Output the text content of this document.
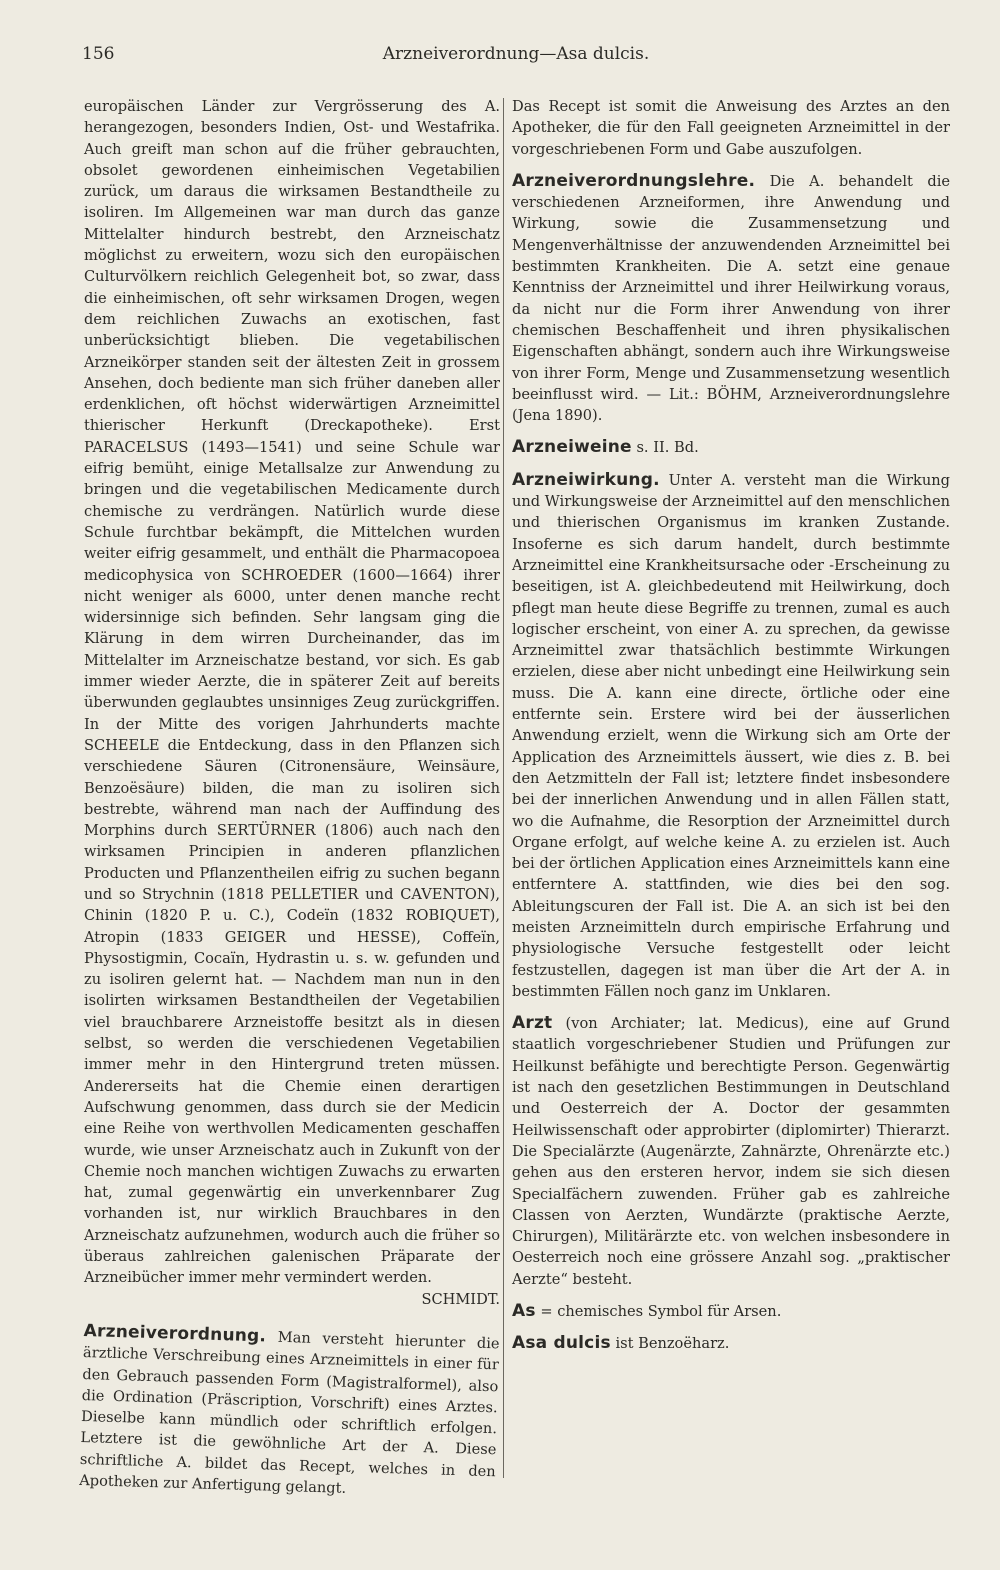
156	Arzneiverordnung—Asa dulcis.

europäischen Länder zur Vergrösserung des A. herangezogen, besonders Indien, Ost- und Westafrika. Auch greift man schon auf die früher gebrauchten, obsolet gewordenen einheimischen Vegetabilien zurück, um daraus die wirksamen Bestandtheile zu isoliren. Im Allgemeinen war man durch das ganze Mittelalter hindurch bestrebt, den Arzneischatz möglichst zu erweitern, wozu sich den europäischen Culturvölkern reichlich Gelegenheit bot, so zwar, dass die einheimischen, oft sehr wirksamen Drogen, wegen dem reichlichen Zuwachs an exotischen, fast unberücksichtigt blieben. Die vegetabilischen Arzneikörper standen seit der ältesten Zeit in grossem Ansehen, doch bediente man sich früher daneben aller erdenklichen, oft höchst widerwärtigen Arzneimittel thierischer Herkunft (Dreckapotheke). Erst PARACELSUS (1493—1541) und seine Schule war eifrig bemüht, einige Metallsalze zur Anwendung zu bringen und die vegetabilischen Medicamente durch chemische zu verdrängen. Natürlich wurde diese Schule furchtbar bekämpft, die Mittelchen wurden weiter eifrig gesammelt, und enthält die Pharmacopoea medicophysica von SCHROEDER (1600—1664) ihrer nicht weniger als 6000, unter denen manche recht widersinnige sich befinden. Sehr langsam ging die Klärung in dem wirren Durcheinander, das im Mittelalter im Arzneischatze bestand, vor sich. Es gab immer wieder Aerzte, die in späterer Zeit auf bereits überwunden geglaubtes unsinniges Zeug zurückgriffen. In der Mitte des vorigen Jahrhunderts machte SCHEELE die Entdeckung, dass in den Pflanzen sich verschiedene Säuren (Citronensäure, Weinsäure, Benzoësäure) bilden, die man zu isoliren sich bestrebte, während man nach der Auffindung des Morphins durch SERTÜRNER (1806) auch nach den wirksamen Principien in anderen pflanzlichen Producten und Pflanzentheilen eifrig zu suchen begann und so Strychnin (1818 PELLETIER und CAVENTON), Chinin (1820 P. u. C.), Codeïn (1832 ROBIQUET), Atropin (1833 GEIGER und HESSE), Coffeïn, Physostigmin, Cocaïn, Hydrastin u. s. w. gefunden und zu isoliren gelernt hat. — Nachdem man nun in den isolirten wirksamen Bestandtheilen der Vegetabilien viel brauchbarere Arzneistoffe besitzt als in diesen selbst, so werden die verschiedenen Vegetabilien immer mehr in den Hintergrund treten müssen. Andererseits hat die Chemie einen derartigen Aufschwung genommen, dass durch sie der Medicin eine Reihe von werthvollen Medicamenten geschaffen wurde, wie unser Arzneischatz auch in Zukunft von der Chemie noch manchen wichtigen Zuwachs zu erwarten hat, zumal gegenwärtig ein unverkennbarer Zug vorhanden ist, nur wirklich Brauchbares in den Arzneischatz aufzunehmen, wodurch auch die früher so überaus zahlreichen galenischen Präparate der Arzneibücher immer mehr vermindert werden.
SCHMIDT.

Arzneiverordnung. Man versteht hierunter die ärztliche Verschreibung eines Arzneimittels in einer für den Gebrauch passenden Form (Magistralformel), also die Ordination (Präscription, Vorschrift) eines Arztes. Dieselbe kann mündlich oder schriftlich erfolgen. Letztere ist die gewöhnliche Art der A. Diese schriftliche A. bildet das Recept, welches in den Apotheken zur Anfertigung gelangt.

Das Recept ist somit die Anweisung des Arztes an den Apotheker, die für den Fall geeigneten Arzneimittel in der vorgeschriebenen Form und Gabe auszufolgen.

Arzneiverordnungslehre. Die A. behandelt die verschiedenen Arzneiformen, ihre Anwendung und Wirkung, sowie die Zusammensetzung und Mengenverhältnisse der anzuwendenden Arzneimittel bei bestimmten Krankheiten. Die A. setzt eine genaue Kenntniss der Arzneimittel und ihrer Heilwirkung voraus, da nicht nur die Form ihrer Anwendung von ihrer chemischen Beschaffenheit und ihren physikalischen Eigenschaften abhängt, sondern auch ihre Wirkungsweise von ihrer Form, Menge und Zusammensetzung wesentlich beeinflusst wird. — Lit.: BÖHM, Arzneiverordnungslehre (Jena 1890).

Arzneiweine s. II. Bd.

Arzneiwirkung. Unter A. versteht man die Wirkung und Wirkungsweise der Arzneimittel auf den menschlichen und thierischen Organismus im kranken Zustande. Insoferne es sich darum handelt, durch bestimmte Arzneimittel eine Krankheitsursache oder -Erscheinung zu beseitigen, ist A. gleichbedeutend mit Heilwirkung, doch pflegt man heute diese Begriffe zu trennen, zumal es auch logischer erscheint, von einer A. zu sprechen, da gewisse Arzneimittel zwar thatsächlich bestimmte Wirkungen erzielen, diese aber nicht unbedingt eine Heilwirkung sein muss. Die A. kann eine directe, örtliche oder eine entfernte sein. Erstere wird bei der äusserlichen Anwendung erzielt, wenn die Wirkung sich am Orte der Application des Arzneimittels äussert, wie dies z. B. bei den Aetzmitteln der Fall ist; letztere findet insbesondere bei der innerlichen Anwendung und in allen Fällen statt, wo die Aufnahme, die Resorption der Arzneimittel durch Organe erfolgt, auf welche keine A. zu erzielen ist. Auch bei der örtlichen Application eines Arzneimittels kann eine entferntere A. stattfinden, wie dies bei den sog. Ableitungscuren der Fall ist. Die A. an sich ist bei den meisten Arzneimitteln durch empirische Erfahrung und physiologische Versuche festgestellt oder leicht festzustellen, dagegen ist man über die Art der A. in bestimmten Fällen noch ganz im Unklaren.

Arzt (von Archiater; lat. Medicus), eine auf Grund staatlich vorgeschriebener Studien und Prüfungen zur Heilkunst befähigte und berechtigte Person. Gegenwärtig ist nach den gesetzlichen Bestimmungen in Deutschland und Oesterreich der A. Doctor der gesammten Heilwissenschaft oder approbirter (diplomirter) Thierarzt. Die Specialärzte (Augenärzte, Zahnärzte, Ohrenärzte etc.) gehen aus den ersteren hervor, indem sie sich diesen Specialfächern zuwenden. Früher gab es zahlreiche Classen von Aerzten, Wundärzte (praktische Aerzte, Chirurgen), Militärärzte etc. von welchen insbesondere in Oesterreich noch eine grössere Anzahl sog. „praktischer Aerzte“ besteht.

As = chemisches Symbol für Arsen.

Asa dulcis ist Benzoëharz.
